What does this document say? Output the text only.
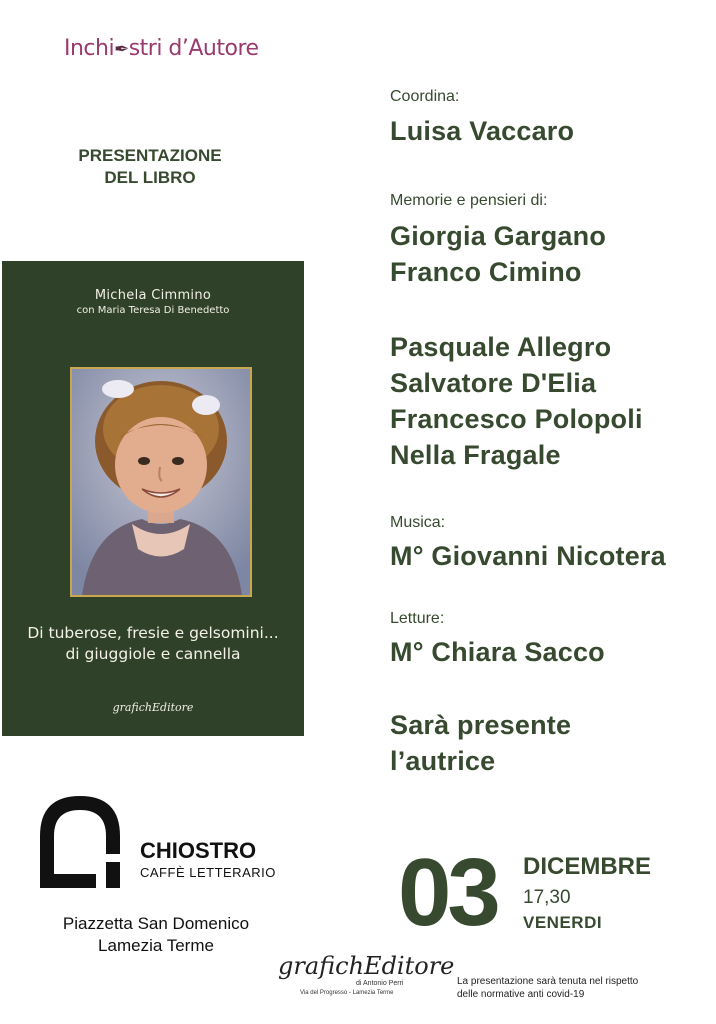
Inchi✒stri d’Autore
PRESENTAZIONE
DEL LIBRO
Michela Cimmino
con Maria Teresa Di Benedetto
Di tuberose, fresie e gelsomini...
di giuggiole e cannella
grafichEditore
Coordina:
Luisa Vaccaro
Memorie e pensieri di:
Giorgia Gargano
Franco Cimino
Pasquale Allegro
Salvatore D'Elia
Francesco Polopoli
Nella Fragale
Musica:
M° Giovanni Nicotera
Letture:
M° Chiara Sacco
Sarà presente
l’autrice
CHIOSTRO
CAFFÈ LETTERARIO
Piazzetta San Domenico
Lamezia Terme	03 DICEMBRE
17,30
VENERDI
grafichEditore
di Antonio Perri
Via del Progresso - Lamezia Terme
La presentazione sarà tenuta nel rispetto
delle normative anti covid-19
